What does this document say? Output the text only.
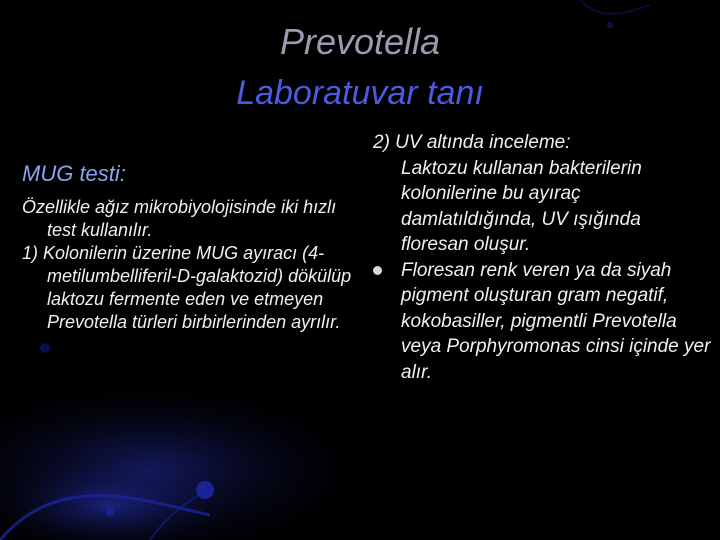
Prevotella
Laboratuvar tanı
MUG testi:

Özellikle ağız mikrobiyolojisinde iki hızlı test kullanılır.

1) Kolonilerin üzerine MUG ayıracı (4-metilumbelliferil-D-galaktozid) dökülüp laktozu fermente eden ve etmeyen Prevotella türleri birbirlerinden ayrılır.

2) UV altında inceleme:

Laktozu kullanan bakterilerin kolonilerine bu ayıraç damlatıldığında, UV ışığında floresan oluşur.

Floresan renk veren ya da siyah pigment oluşturan gram negatif, kokobasiller, pigmentli Prevotella veya Porphyromonas cinsi içinde yer alır.
